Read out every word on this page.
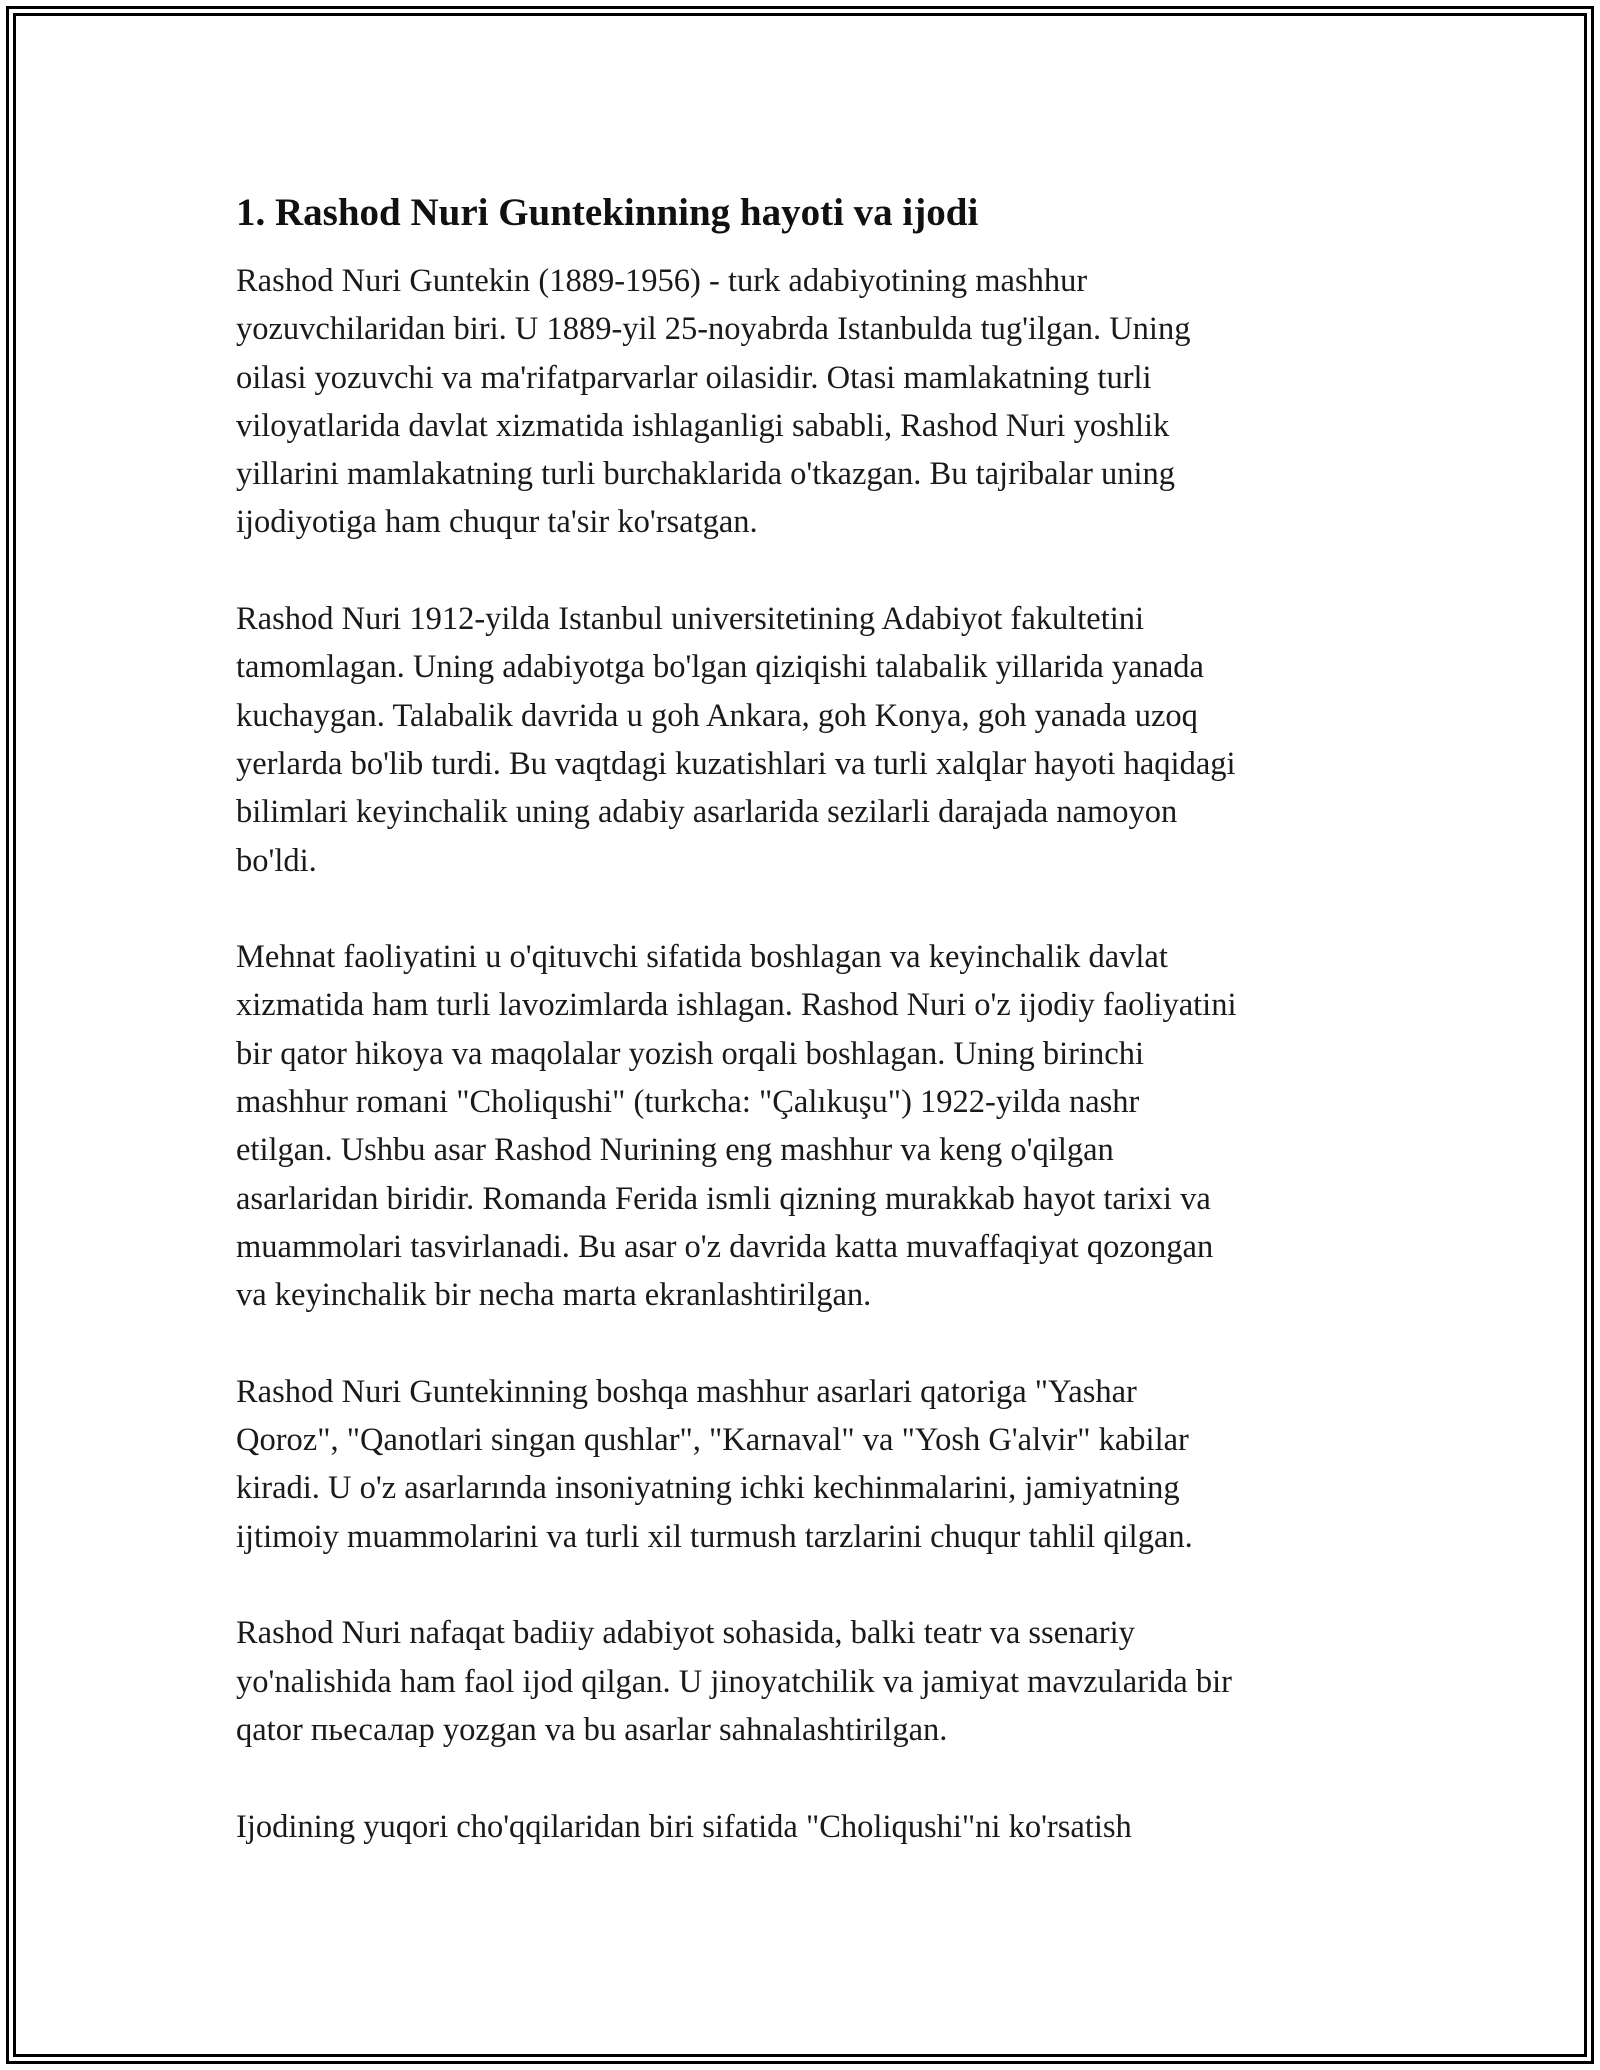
1. Rashod Nuri Guntekinning hayoti va ijodi

Rashod Nuri Guntekin (1889-1956) - turk adabiyotining mashhur
yozuvchilaridan biri. U 1889-yil 25-noyabrda Istanbulda tug'ilgan. Uning
oilasi yozuvchi va ma'rifatparvarlar oilasidir. Otasi mamlakatning turli
viloyatlarida davlat xizmatida ishlaganligi sababli, Rashod Nuri yoshlik
yillarini mamlakatning turli burchaklarida o'tkazgan. Bu tajribalar uning
ijodiyotiga ham chuqur ta'sir ko'rsatgan.

Rashod Nuri 1912-yilda Istanbul universitetining Adabiyot fakultetini
tamomlagan. Uning adabiyotga bo'lgan qiziqishi talabalik yillarida yanada
kuchaygan. Talabalik davrida u goh Ankara, goh Konya, goh yanada uzoq
yerlarda bo'lib turdi. Bu vaqtdagi kuzatishlari va turli xalqlar hayoti haqidagi
bilimlari keyinchalik uning adabiy asarlarida sezilarli darajada namoyon
bo'ldi.

Mehnat faoliyatini u o'qituvchi sifatida boshlagan va keyinchalik davlat
xizmatida ham turli lavozimlarda ishlagan. Rashod Nuri o'z ijodiy faoliyatini
bir qator hikoya va maqolalar yozish orqali boshlagan. Uning birinchi
mashhur romani "Choliqushi" (turkcha: "Çalıkuşu") 1922-yilda nashr
etilgan. Ushbu asar Rashod Nurining eng mashhur va keng o'qilgan
asarlaridan biridir. Romanda Ferida ismli qizning murakkab hayot tarixi va
muammolari tasvirlanadi. Bu asar o'z davrida katta muvaffaqiyat qozongan
va keyinchalik bir necha marta ekranlashtirilgan.

Rashod Nuri Guntekinning boshqa mashhur asarlari qatoriga "Yashar
Qoroz", "Qanotlari singan qushlar", "Karnaval" va "Yosh G'alvir" kabilar
kiradi. U o'z asarlarında insoniyatning ichki kechinmalarini, jamiyatning
ijtimoiy muammolarini va turli xil turmush tarzlarini chuqur tahlil qilgan.

Rashod Nuri nafaqat badiiy adabiyot sohasida, balki teatr va ssenariy
yo'nalishida ham faol ijod qilgan. U jinoyatchilik va jamiyat mavzularida bir
qator пьесалар yozgan va bu asarlar sahnalashtirilgan.

Ijodining yuqori cho'qqilaridan biri sifatida "Choliqushi"ni ko'rsatish
